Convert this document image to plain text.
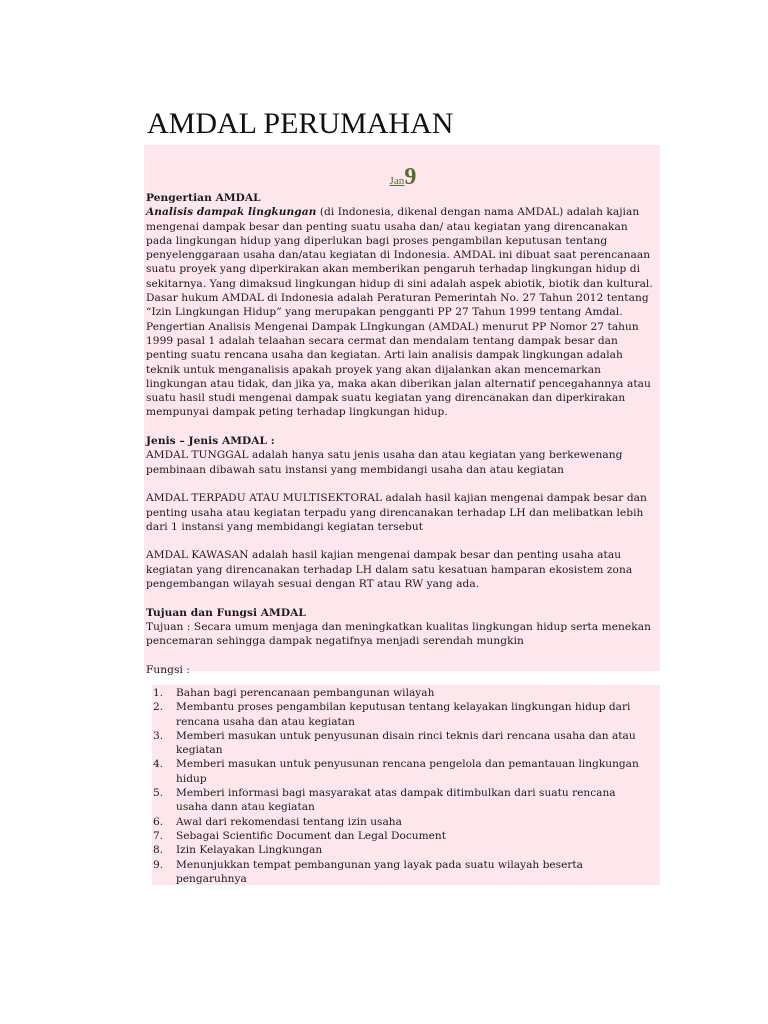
AMDAL PERUMAHAN
Jan9
Pengertian AMDAL
Analisis dampak lingkungan (di Indonesia, dikenal dengan nama AMDAL) adalah kajian
mengenai dampak besar dan penting suatu usaha dan/ atau kegiatan yang direncanakan
pada lingkungan hidup yang diperlukan bagi proses pengambilan keputusan tentang
penyelenggaraan usaha dan/atau kegiatan di Indonesia. AMDAL ini dibuat saat perencanaan
suatu proyek yang diperkirakan akan memberikan pengaruh terhadap lingkungan hidup di
sekitarnya. Yang dimaksud lingkungan hidup di sini adalah aspek abiotik, biotik dan kultural.
Dasar hukum AMDAL di Indonesia adalah Peraturan Pemerintah No. 27 Tahun 2012 tentang
“Izin Lingkungan Hidup” yang merupakan pengganti PP 27 Tahun 1999 tentang Amdal.
Pengertian Analisis Mengenai Dampak LIngkungan (AMDAL) menurut PP Nomor 27 tahun
1999 pasal 1 adalah telaahan secara cermat dan mendalam tentang dampak besar dan
penting suatu rencana usaha dan kegiatan. Arti lain analisis dampak lingkungan adalah
teknik untuk menganalisis apakah proyek yang akan dijalankan akan mencemarkan
lingkungan atau tidak, dan jika ya, maka akan diberikan jalan alternatif pencegahannya atau
suatu hasil studi mengenai dampak suatu kegiatan yang direncanakan dan diperkirakan
mempunyai dampak peting terhadap lingkungan hidup.
Jenis – Jenis AMDAL :
AMDAL TUNGGAL adalah hanya satu jenis usaha dan atau kegiatan yang berkewenang
pembinaan dibawah satu instansi yang membidangi usaha dan atau kegiatan
AMDAL TERPADU ATAU MULTISEKTORAL adalah hasil kajian mengenai dampak besar dan
penting usaha atau kegiatan terpadu yang direncanakan terhadap LH dan melibatkan lebih
dari 1 instansi yang membidangi kegiatan tersebut
AMDAL KAWASAN adalah hasil kajian mengenai dampak besar dan penting usaha atau
kegiatan yang direncanakan terhadap LH dalam satu kesatuan hamparan ekosistem zona
pengembangan wilayah sesuai dengan RT atau RW yang ada.
Tujuan dan Fungsi AMDAL
Tujuan : Secara umum menjaga dan meningkatkan kualitas lingkungan hidup serta menekan
pencemaran sehingga dampak negatifnya menjadi serendah mungkin
Fungsi :
1. Bahan bagi perencanaan pembangunan wilayah
2. Membantu proses pengambilan keputusan tentang kelayakan lingkungan hidup dari
rencana usaha dan atau kegiatan
3. Memberi masukan untuk penyusunan disain rinci teknis dari rencana usaha dan atau
kegiatan
4. Memberi masukan untuk penyusunan rencana pengelola dan pemantauan lingkungan
hidup
5. Memberi informasi bagi masyarakat atas dampak ditimbulkan dari suatu rencana
usaha dann atau kegiatan
6. Awal dari rekomendasi tentang izin usaha
7. Sebagai Scientific Document dan Legal Document
8. Izin Kelayakan Lingkungan
9. Menunjukkan tempat pembangunan yang layak pada suatu wilayah beserta
pengaruhnya
